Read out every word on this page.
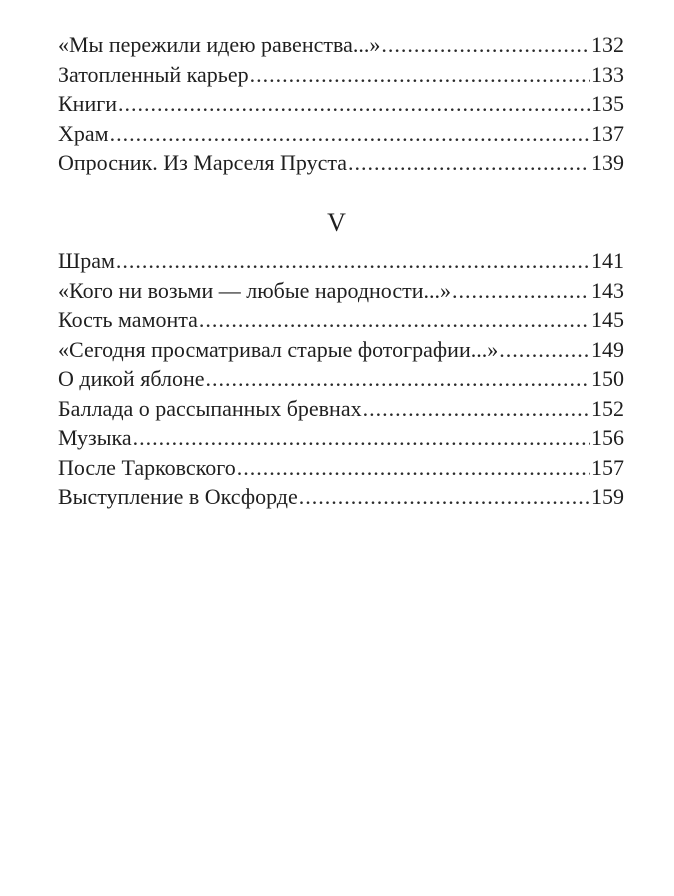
«Мы пережили идею равенства...» .....	132
Затопленный карьер .....	133
Книги .....	135
Храм .....	137
Опросник. Из Марселя Пруста .....	139
V
Шрам .....	141
«Кого ни возьми — любые народности...» .....	143
Кость мамонта .....	145
«Сегодня просматривал старые фотографии...» .....	149
О дикой яблоне .....	150
Баллада о рассыпанных бревнах .....	152
Музыка .....	156
После Тарковского .....	157
Выступление в Оксфорде .....	159
